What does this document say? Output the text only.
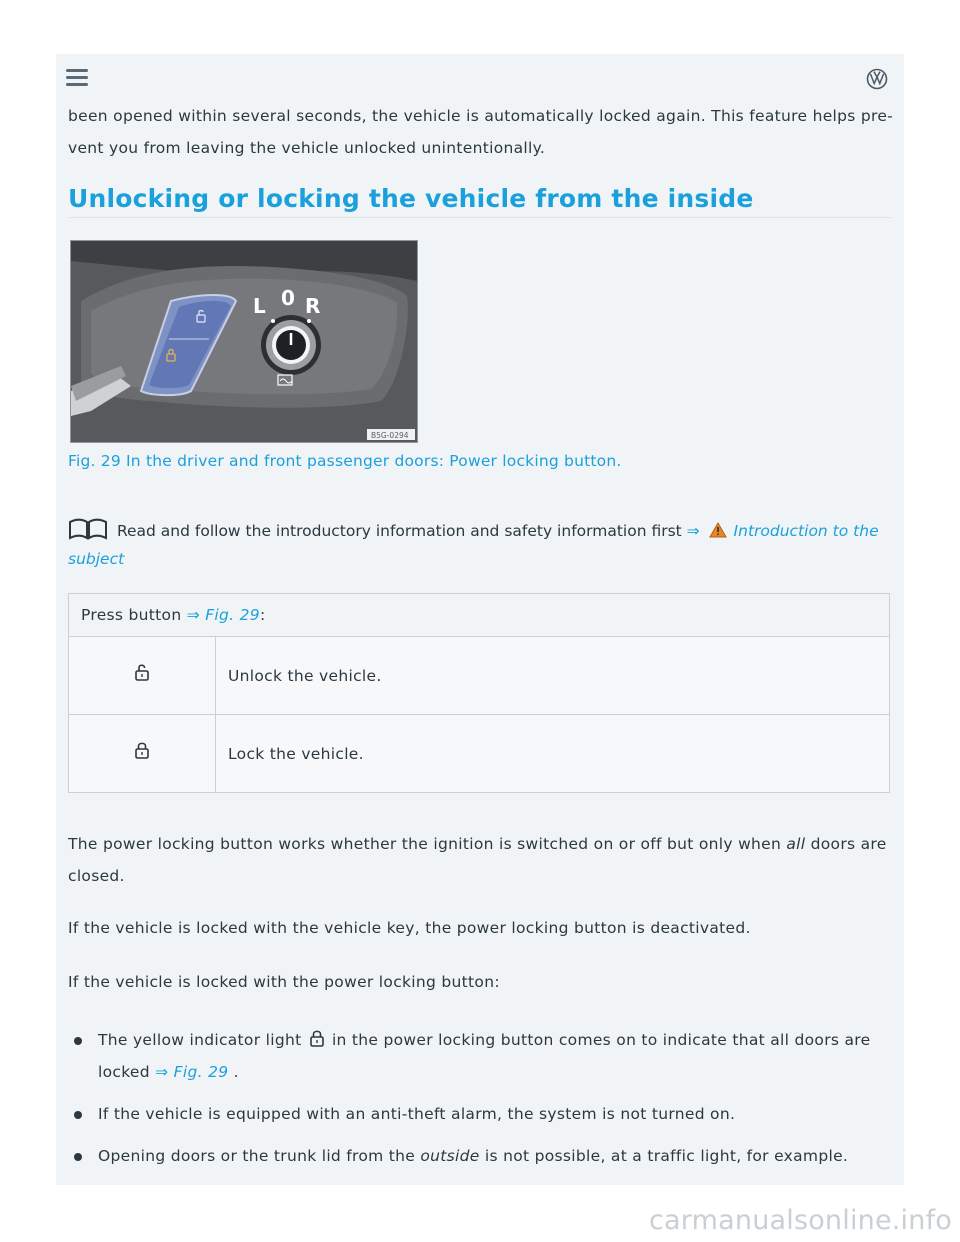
been opened within several seconds, the vehicle is automatically locked again. This feature helps pre-
vent you from leaving the vehicle unlocked unintentionally.
Unlocking or locking the vehicle from the inside
L 0 R
B5G-0294
Fig. 29 In the driver and front passenger doors: Power locking button.
Read and follow the introductory information and safety information first ⇒ Introduction to the subject
Press button ⇒ Fig. 29:	
	Unlock the vehicle.
	Lock the vehicle.
The power locking button works whether the ignition is switched on or off but only when all doors are
closed.
If the vehicle is locked with the vehicle key, the power locking button is deactivated.
If the vehicle is locked with the power locking button:
The yellow indicator light in the power locking button comes on to indicate that all doors are
locked ⇒ Fig. 29 .
If the vehicle is equipped with an anti-theft alarm, the system is not turned on.
Opening doors or the trunk lid from the outside is not possible, at a traffic light, for example.
carmanualsonline.info
